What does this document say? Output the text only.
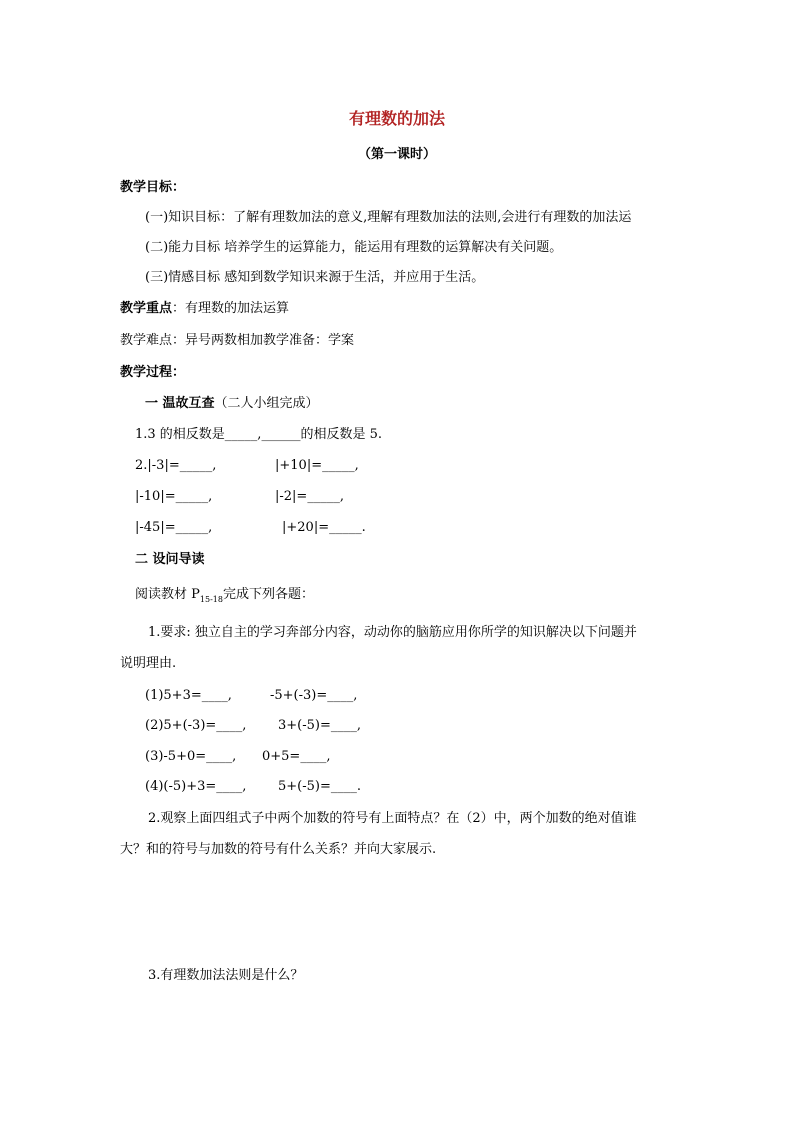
有理数的加法
（第一课时）
教学目标：
(一)知识目标：了解有理数加法的意义,理解有理数加法的法则,会进行有理数的加法运
(二)能力目标 培养学生的运算能力，能运用有理数的运算解决有关问题。
(三)情感目标 感知到数学知识来源于生活，并应用于生活。
教学重点：有理数的加法运算
教学难点：异号两数相加教学准备：学案
教学过程：
一 温故互查（二人小组完成）
1.3 的相反数是_____,______的相反数是 5.
2.|-3|=_____,	|+10|=_____,
|-10|=_____,	|-2|=_____,
|-45|=_____,	|+20|=_____.
二 设问导读
阅读教材 $P_{15-18}$完成下列各题：
1.要求: 独立自主的学习奔部分内容，动动你的脑筋应用你所学的知识解决以下问题并
说明理由.
(1)5+3=____,	-5+(-3)=____,
(2)5+(-3)=____, 3+(-5)=____,
(3)-5+0=____, 0+5=____,
(4)(-5)+3=____, 5+(-5)=____.
2.观察上面四组式子中两个加数的符号有上面特点？在（2）中，两个加数的绝对值谁
大？和的符号与加数的符号有什么关系？并向大家展示.
3.有理数加法法则是什么？
